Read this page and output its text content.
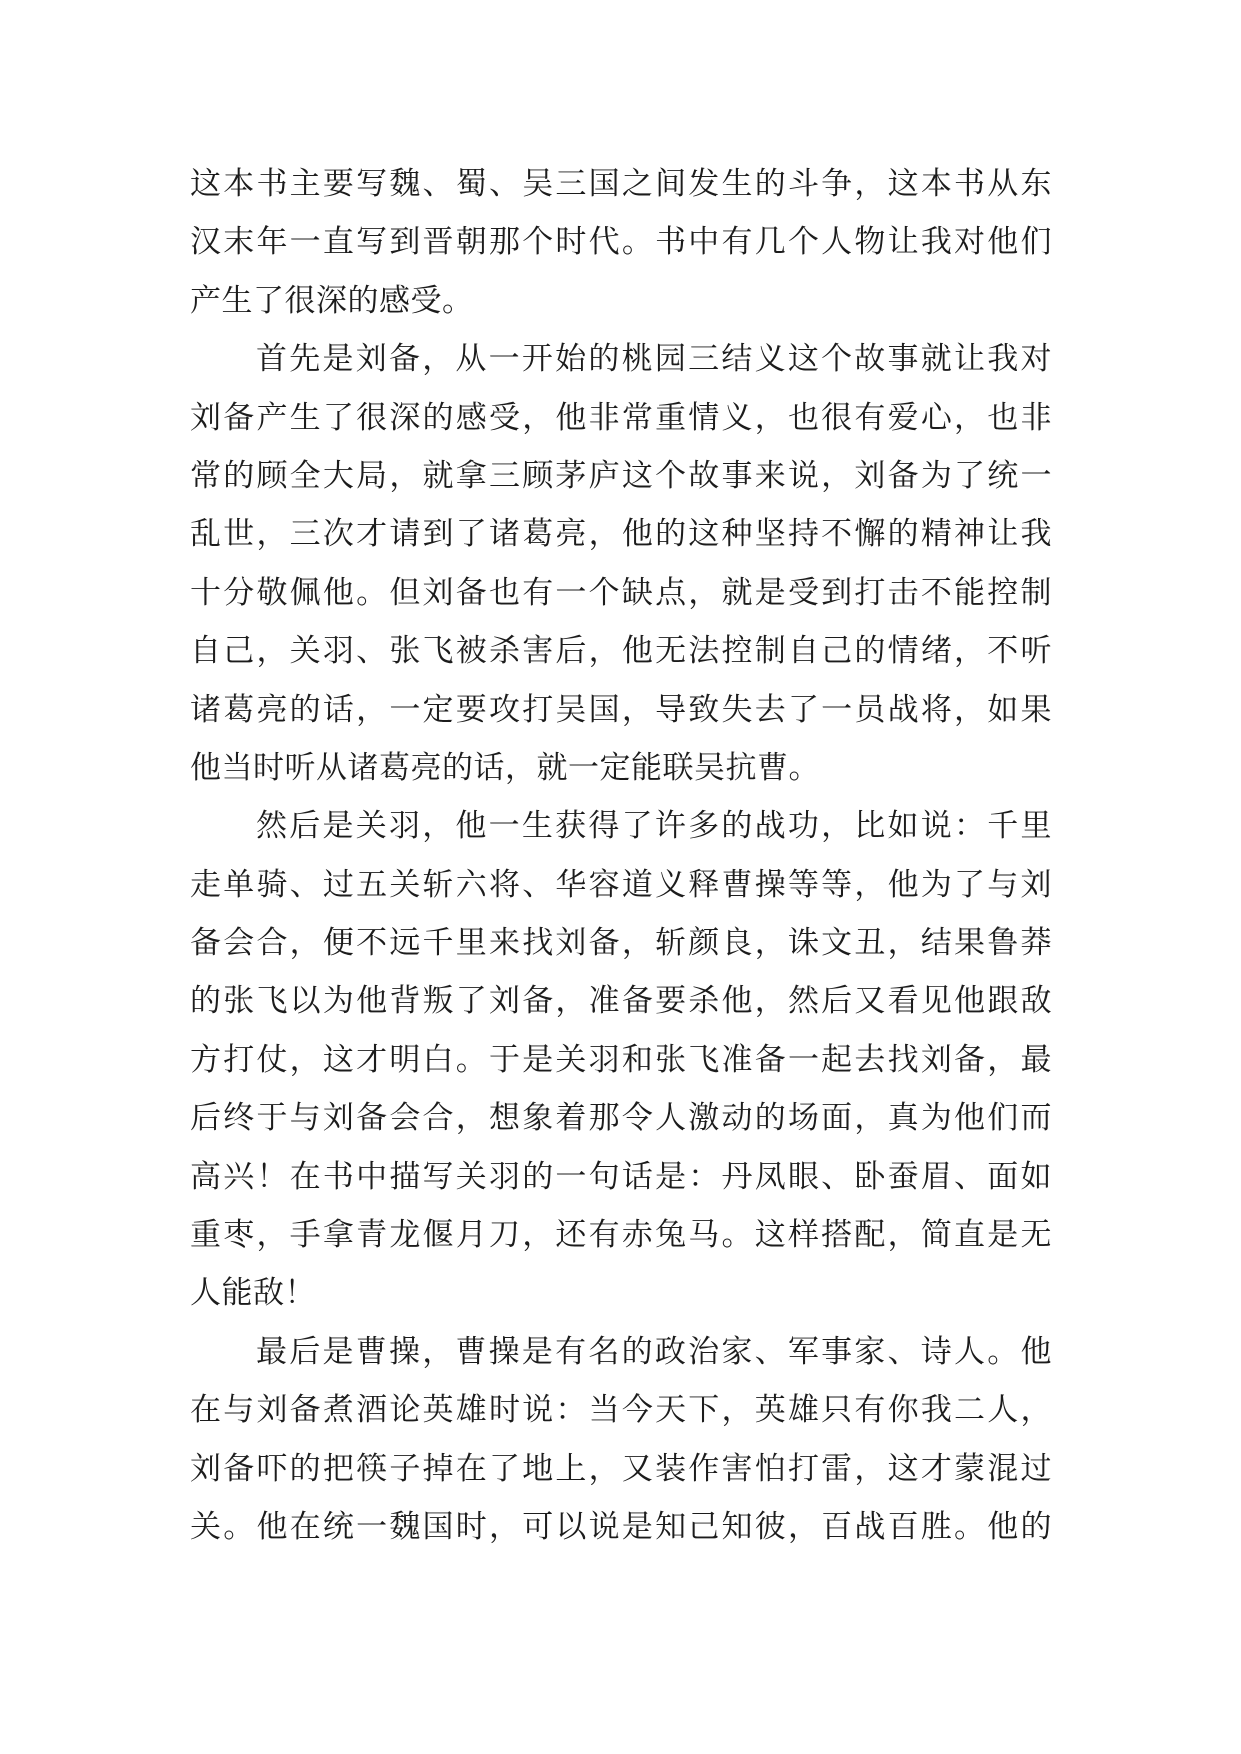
这本书主要写魏、蜀、吴三国之间发生的斗争，这本书从东
汉末年一直写到晋朝那个时代。书中有几个人物让我对他们
产生了很深的感受。
首先是刘备，从一开始的桃园三结义这个故事就让我对
刘备产生了很深的感受，他非常重情义，也很有爱心，也非
常的顾全大局，就拿三顾茅庐这个故事来说，刘备为了统一
乱世，三次才请到了诸葛亮，他的这种坚持不懈的精神让我
十分敬佩他。但刘备也有一个缺点，就是受到打击不能控制
自己，关羽、张飞被杀害后，他无法控制自己的情绪，不听
诸葛亮的话，一定要攻打吴国，导致失去了一员战将，如果
他当时听从诸葛亮的话，就一定能联吴抗曹。
然后是关羽，他一生获得了许多的战功，比如说：千里
走单骑、过五关斩六将、华容道义释曹操等等，他为了与刘
备会合，便不远千里来找刘备，斩颜良，诛文丑，结果鲁莽
的张飞以为他背叛了刘备，准备要杀他，然后又看见他跟敌
方打仗，这才明白。于是关羽和张飞准备一起去找刘备，最
后终于与刘备会合，想象着那令人激动的场面，真为他们而
高兴！在书中描写关羽的一句话是：丹凤眼、卧蚕眉、面如
重枣，手拿青龙偃月刀，还有赤兔马。这样搭配，简直是无
人能敌！
最后是曹操，曹操是有名的政治家、军事家、诗人。他
在与刘备煮酒论英雄时说：当今天下，英雄只有你我二人，
刘备吓的把筷子掉在了地上，又装作害怕打雷，这才蒙混过
关。他在统一魏国时，可以说是知己知彼，百战百胜。他的
